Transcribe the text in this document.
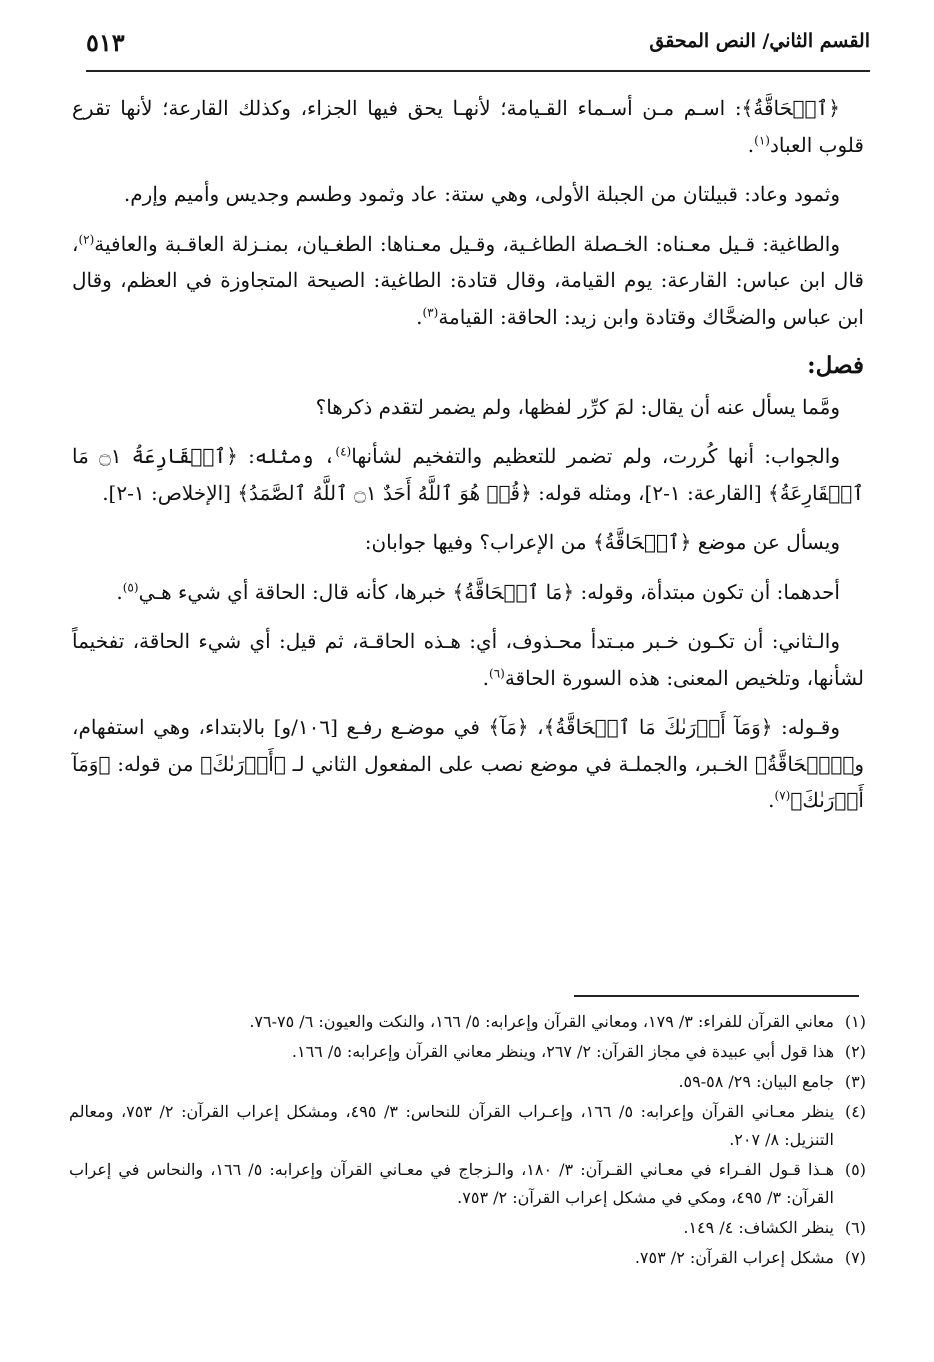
٥١٣	القسم الثاني/ النص المحقق

﴿ٱلۡحَاقَّةُ﴾: اسـم مـن أسـماء القـيامة؛ لأنهـا يحق فيها الجزاء، وكذلك القارعة؛ لأنها تقرع قلوب العباد$^{(١)}$.

وثمود وعاد: قبيلتان من الجبلة الأولى، وهي ستة: عاد وثمود وطسم وجديس وأميم وإرم.

والطاغية: قـيل معـناه: الخـصلة الطاغـية، وقـيل معـناها: الطغـيان، بمنـزلة العاقـبة والعافية$^{(٢)}$، قال ابن عباس: القارعة: يوم القيامة، وقال قتادة: الطاغية: الصيحة المتجاوزة في العظم، وقال ابن عباس والضحَّاك وقتادة وابن زيد: الحاقة: القيامة$^{(٣)}$.

فصل:

ومَّما يسأل عنه أن يقال: لمَ كرِّر لفظها، ولم يضمر لتقدم ذكرها؟

والجواب: أنها كُررت، ولم تضمر للتعظيم والتفخيم لشأنها$^{(٤)}$، ومثله: ﴿ٱلۡقَارِعَةُ ۝١ مَا ٱلۡقَارِعَةُ﴾ [القارعة: ١-٢]، ومثله قوله: ﴿قُلۡ هُوَ ٱللَّهُ أَحَدٌ ۝١ ٱللَّهُ ٱلصَّمَدُ﴾ [الإخلاص: ١-٢].

ويسأل عن موضع ﴿ٱلۡحَاقَّةُ﴾ من الإعراب؟ وفيها جوابان:

أحدهما: أن تكون مبتدأة، وقوله: ﴿مَا ٱلۡحَاقَّةُ﴾ خبرها، كأنه قال: الحاقة أي شيء هـي$^{(٥)}$.

والـثاني: أن تكـون خـبر مبـتدأ محـذوف، أي: هـذه الحاقـة، ثم قيل: أي شيء الحاقة، تفخيماً لشأنها، وتلخيص المعنى: هذه السورة الحاقة$^{(٦)}$.

وقـوله: ﴿وَمَآ أَدۡرَىٰكَ مَا ٱلۡحَاقَّةُ﴾، ﴿مَآ﴾ في موضـع رفـع [١٠٦/و] بالابتداء، وهي استفهام، و﴿ٱلۡحَاقَّةُ﴾ الخـبر، والجملـة في موضع نصب على المفعول الثاني لـ ﴿أَدۡرَىٰكَ﴾ من قوله: ﴿وَمَآ أَدۡرَىٰكَ﴾$^{(٧)}$.

(١)معاني القرآن للفراء: ٣/ ١٧٩، ومعاني القرآن وإعرابه: ٥/ ١٦٦، والنكت والعيون: ٦/ ٧٥-٧٦.

(٢)هذا قول أبي عبيدة في مجاز القرآن: ٢/ ٢٦٧، وينظر معاني القرآن وإعرابه: ٥/ ١٦٦.

(٣)جامع البيان: ٢٩/ ٥٨-٥٩.

(٤)ينظر معـاني القرآن وإعرابه: ٥/ ١٦٦، وإعـراب القرآن للنحاس: ٣/ ٤٩٥، ومشكل إعراب القرآن: ٢/ ٧٥٣، ومعالم التنزيل: ٨/ ٢٠٧.

(٥)هـذا قـول الفـراء في معـاني القـرآن: ٣/ ١٨٠، والـزجاج في معـاني القرآن وإعرابه: ٥/ ١٦٦، والنحاس في إعراب القرآن: ٣/ ٤٩٥، ومكي في مشكل إعراب القرآن: ٢/ ٧٥٣.

(٦)ينظر الكشاف: ٤/ ١٤٩.

(٧)مشكل إعراب القرآن: ٢/ ٧٥٣.
